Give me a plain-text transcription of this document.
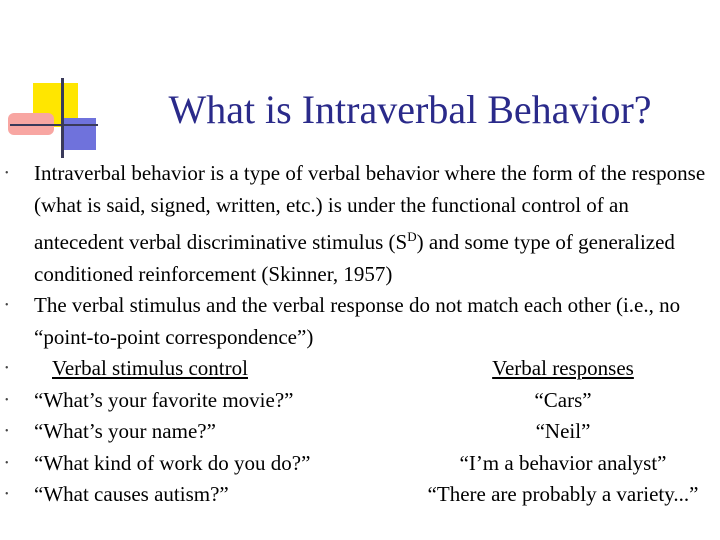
What is Intraverbal Behavior?
• Intraverbal behavior is a type of verbal behavior where the form of the response (what is said, signed, written, etc.) is under the functional control of an antecedent verbal discriminative stimulus $(S^D)$ and some type of generalized conditioned reinforcement (Skinner, 1957)
• The verbal stimulus and the verbal response do not match each other (i.e., no “point-to-point correspondence”)
•	Verbal stimulus control	Verbal responses
• “What’s your favorite movie?”	“Cars”
• “What’s your name?”	“Neil”
• “What kind of work do you do?”	“I’m a behavior analyst”
• “What causes autism?”	“There are probably a variety...”
